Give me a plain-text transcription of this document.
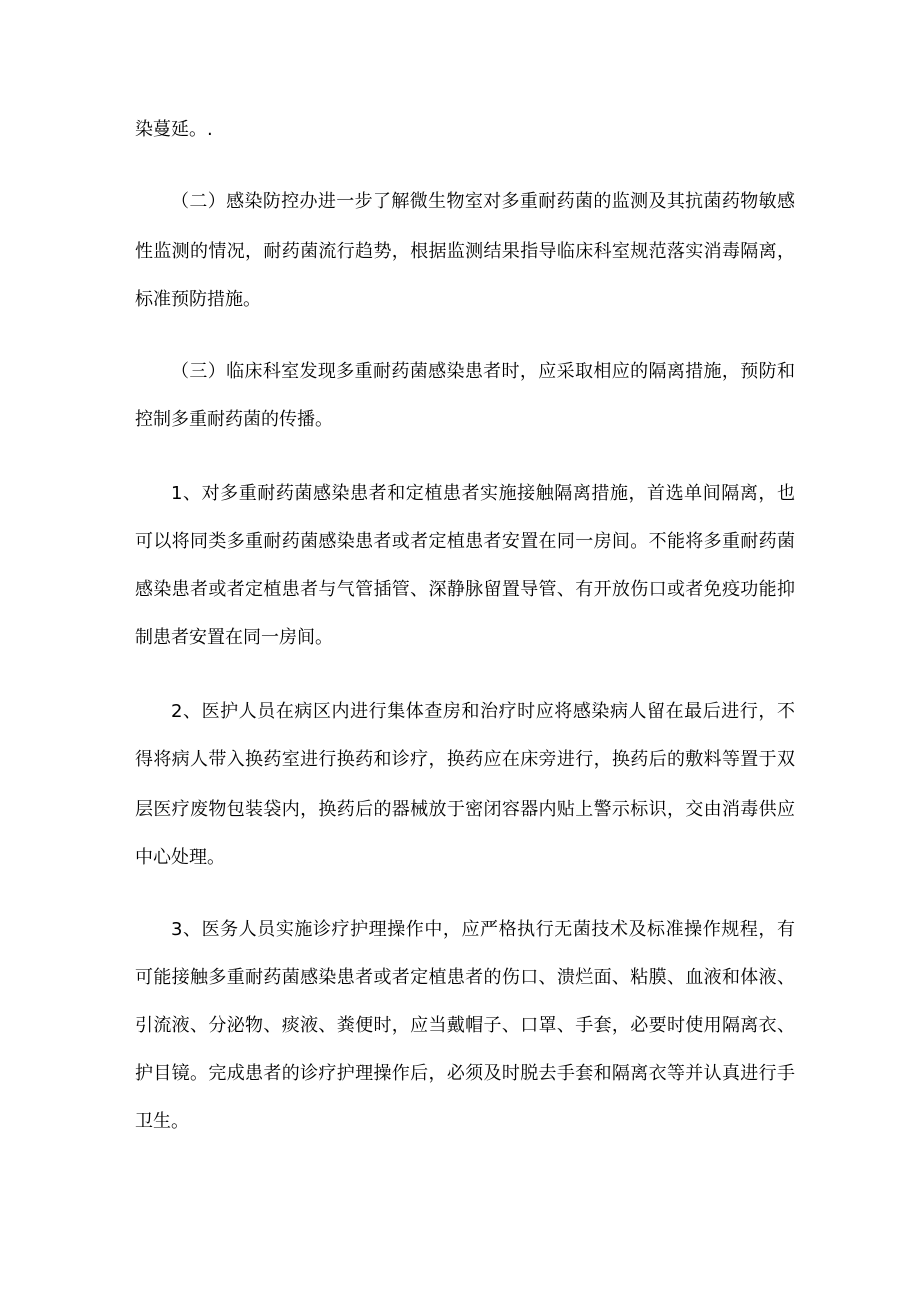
染蔓延。.
（二）感染防控办进一步了解微生物室对多重耐药菌的监测及其抗菌药物敏感
性监测的情况，耐药菌流行趋势，根据监测结果指导临床科室规范落实消毒隔离，
标准预防措施。
（三）临床科室发现多重耐药菌感染患者时，应采取相应的隔离措施，预防和
控制多重耐药菌的传播。
1、对多重耐药菌感染患者和定植患者实施接触隔离措施，首选单间隔离，也
可以将同类多重耐药菌感染患者或者定植患者安置在同一房间。不能将多重耐药菌
感染患者或者定植患者与气管插管、深静脉留置导管、有开放伤口或者免疫功能抑
制患者安置在同一房间。
2、医护人员在病区内进行集体查房和治疗时应将感染病人留在最后进行，不
得将病人带入换药室进行换药和诊疗，换药应在床旁进行，换药后的敷料等置于双
层医疗废物包装袋内，换药后的器械放于密闭容器内贴上警示标识，交由消毒供应
中心处理。
3、医务人员实施诊疗护理操作中，应严格执行无菌技术及标准操作规程，有
可能接触多重耐药菌感染患者或者定植患者的伤口、溃烂面、粘膜、血液和体液、
引流液、分泌物、痰液、粪便时，应当戴帽子、口罩、手套，必要时使用隔离衣、
护目镜。完成患者的诊疗护理操作后，必须及时脱去手套和隔离衣等并认真进行手
卫生。
